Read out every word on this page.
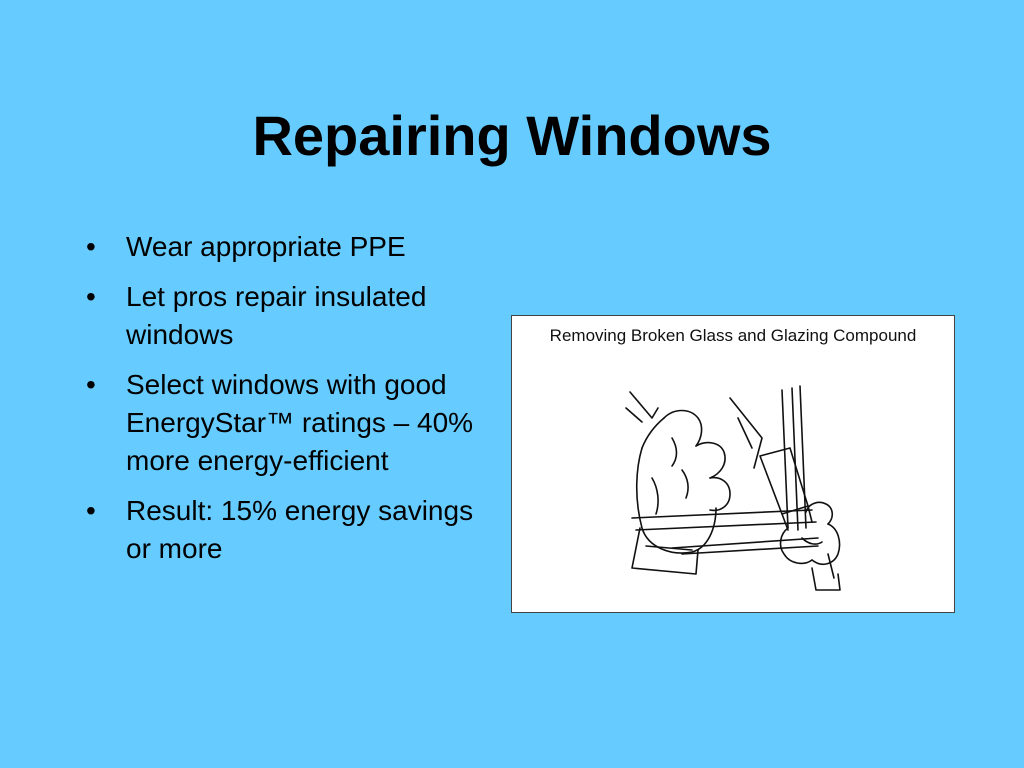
Repairing Windows
• Wear appropriate PPE
• Let pros repair insulated windows
• Select windows with good EnergyStar™ ratings – 40% more energy-efficient
• Result: 15% energy savings or more
Removing Broken Glass and Glazing Compound
